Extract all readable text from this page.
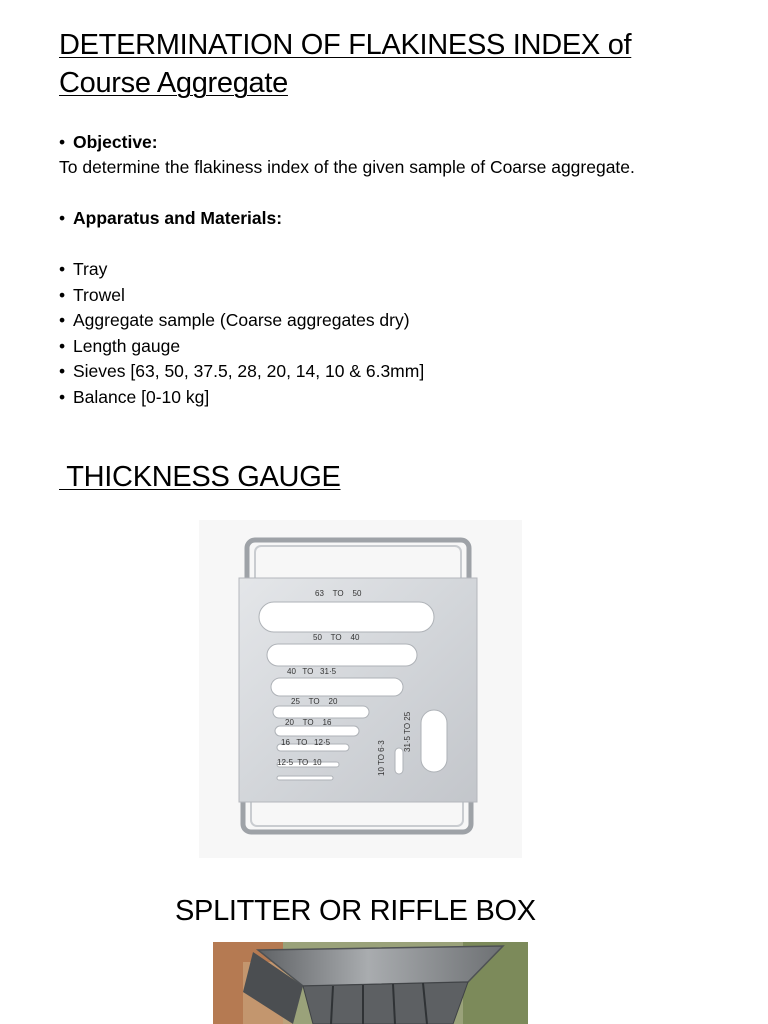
DETERMINATION OF FLAKINESS INDEX of
Course Aggregate
• Objective:
To determine the flakiness index of the given sample of Coarse aggregate.
• Apparatus and Materials:
• Tray
• Trowel
• Aggregate sample (Coarse aggregates dry)
• Length gauge
• Sieves [63, 50, 37.5, 28, 20, 14, 10 & 6.3mm]
• Balance [0-10 kg]
THICKNESS GAUGE
63    TO    50
50    TO    40
40   TO   31·5
25    TO    20
20    TO    16
16   TO   12·5
12·5  TO  10
31·5 TO 25
10 TO 6·3
SPLITTER OR RIFFLE BOX
